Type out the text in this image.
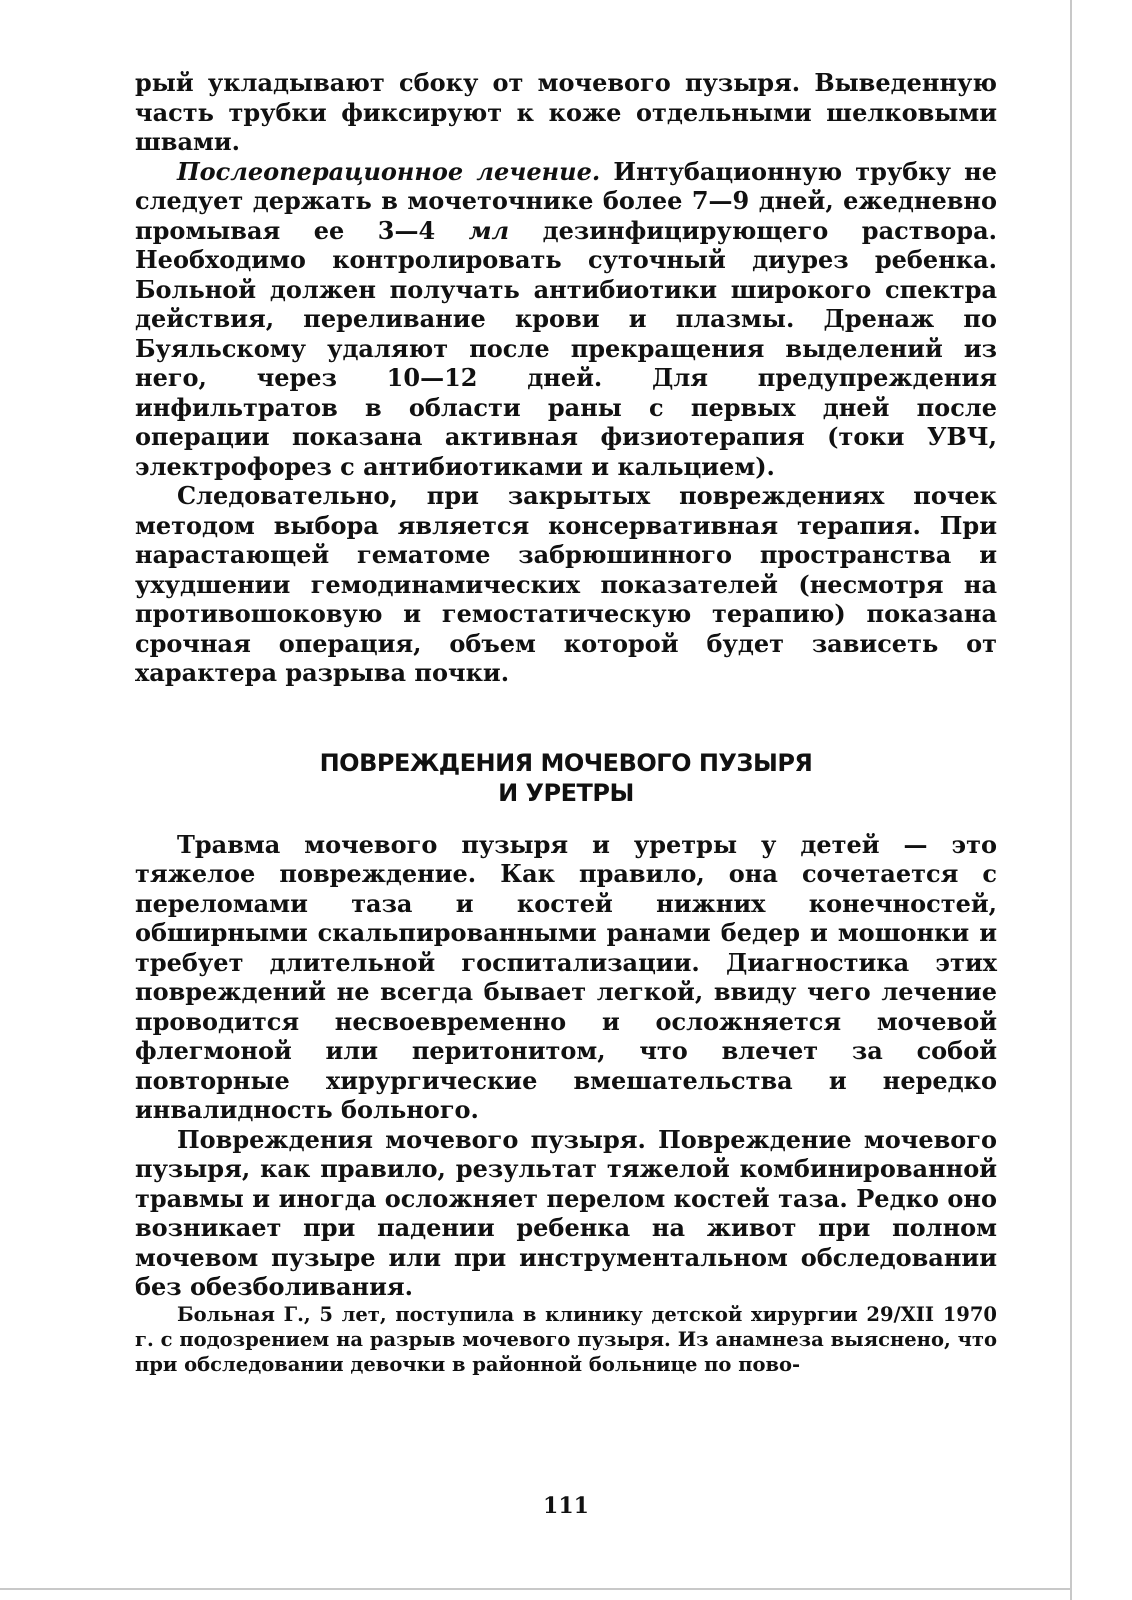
рый укладывают сбоку от мочевого пузыря. Выведенную часть трубки фиксируют к коже отдельными шелковыми швами.

Послеоперационное лечение. Интубационную трубку не следует держать в мочеточнике более 7—9 дней, ежедневно промывая ее 3—4 мл дезинфицирующего раствора. Необходимо контролировать суточный диурез ребенка. Больной должен получать антибиотики широкого спектра действия, переливание крови и плазмы. Дренаж по Буяльскому удаляют после прекращения выделений из него, через 10—12 дней. Для предупреждения инфильтратов в области раны с первых дней после операции показана активная физиотерапия (токи УВЧ, электрофорез с антибиотиками и кальцием).

Следовательно, при закрытых повреждениях почек методом выбора является консервативная терапия. При нарастающей гематоме забрюшинного пространства и ухудшении гемодинамических показателей (несмотря на противошоковую и гемостатическую терапию) показана срочная операция, объем которой будет зависеть от характера разрыва почки.

ПОВРЕЖДЕНИЯ МОЧЕВОГО ПУЗЫРЯ
И УРЕТРЫ

Травма мочевого пузыря и уретры у детей — это тяжелое повреждение. Как правило, она сочетается с переломами таза и костей нижних конечностей, обширными скальпированными ранами бедер и мошонки и требует длительной госпитализации. Диагностика этих повреждений не всегда бывает легкой, ввиду чего лечение проводится несвоевременно и осложняется мочевой флегмоной или перитонитом, что влечет за собой повторные хирургические вмешательства и нередко инвалидность больного.

Повреждения мочевого пузыря. Повреждение мочевого пузыря, как правило, результат тяжелой комбинированной травмы и иногда осложняет перелом костей таза. Редко оно возникает при падении ребенка на живот при полном мочевом пузыре или при инструментальном обследовании без обезболивания.

Больная Г., 5 лет, поступила в клинику детской хирургии 29/XII 1970 г. с подозрением на разрыв мочевого пузыря. Из анамнеза выяснено, что при обследовании девочки в районной больнице по пово-

111
